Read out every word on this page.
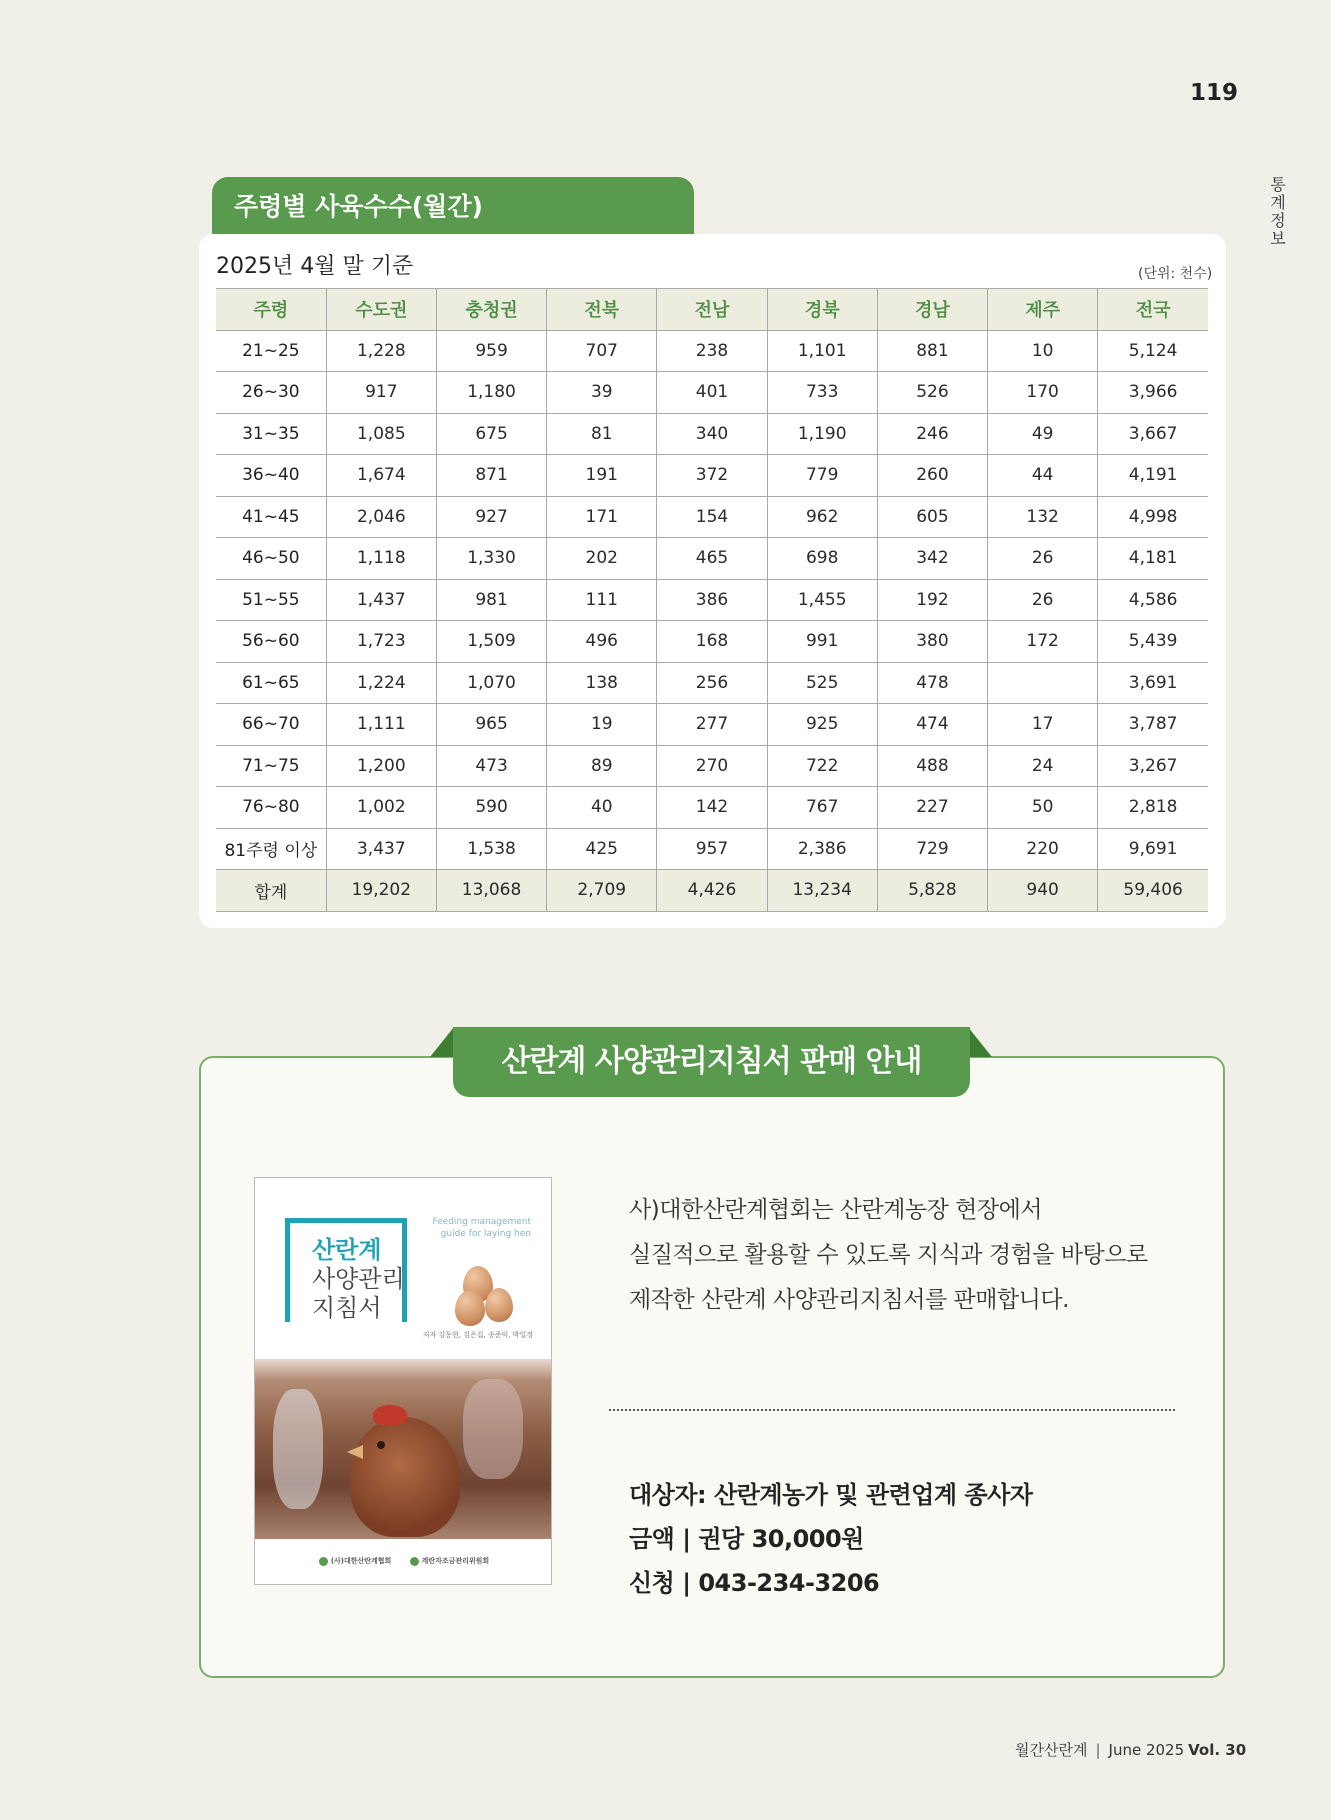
119
통계 정보
주령별 사육수수(월간)
2025년 4월 말 기준	(단위: 천수)
주령	수도권	충청권	전북	전남	경북	경남	제주	전국
21~25	1,228	959	707	238	1,101	881	10	5,124
26~30	917	1,180	39	401	733	526	170	3,966
31~35	1,085	675	81	340	1,190	246	49	3,667
36~40	1,674	871	191	372	779	260	44	4,191
41~45	2,046	927	171	154	962	605	132	4,998
46~50	1,118	1,330	202	465	698	342	26	4,181
51~55	1,437	981	111	386	1,455	192	26	4,586
56~60	1,723	1,509	496	168	991	380	172	5,439
61~65	1,224	1,070	138	256	525	478		3,691
66~70	1,111	965	19	277	925	474	17	3,787
71~75	1,200	473	89	270	722	488	24	3,267
76~80	1,002	590	40	142	767	227	50	2,818
81주령 이상	3,437	1,538	425	957	2,386	729	220	9,691
합계	19,202	13,068	2,709	4,426	13,234	5,828	940	59,406
산란계 사양관리지침서 판매 안내
산란계
사양관리
지침서
Feeding management guide for laying hen
저자 김동현, 김은집, 송준익, 박일경
(사)대한산란계협회	계란자조금관리위원회
사)대한산란계협회는 산란계농장 현장에서
실질적으로 활용할 수 있도록 지식과 경험을 바탕으로
제작한 산란계 사양관리지침서를 판매합니다.
대상자: 산란계농가 및 관련업계 종사자
금액 | 권당 30,000원
신청 | 043-234-3206
월간산란계 | June 2025 Vol. 30
